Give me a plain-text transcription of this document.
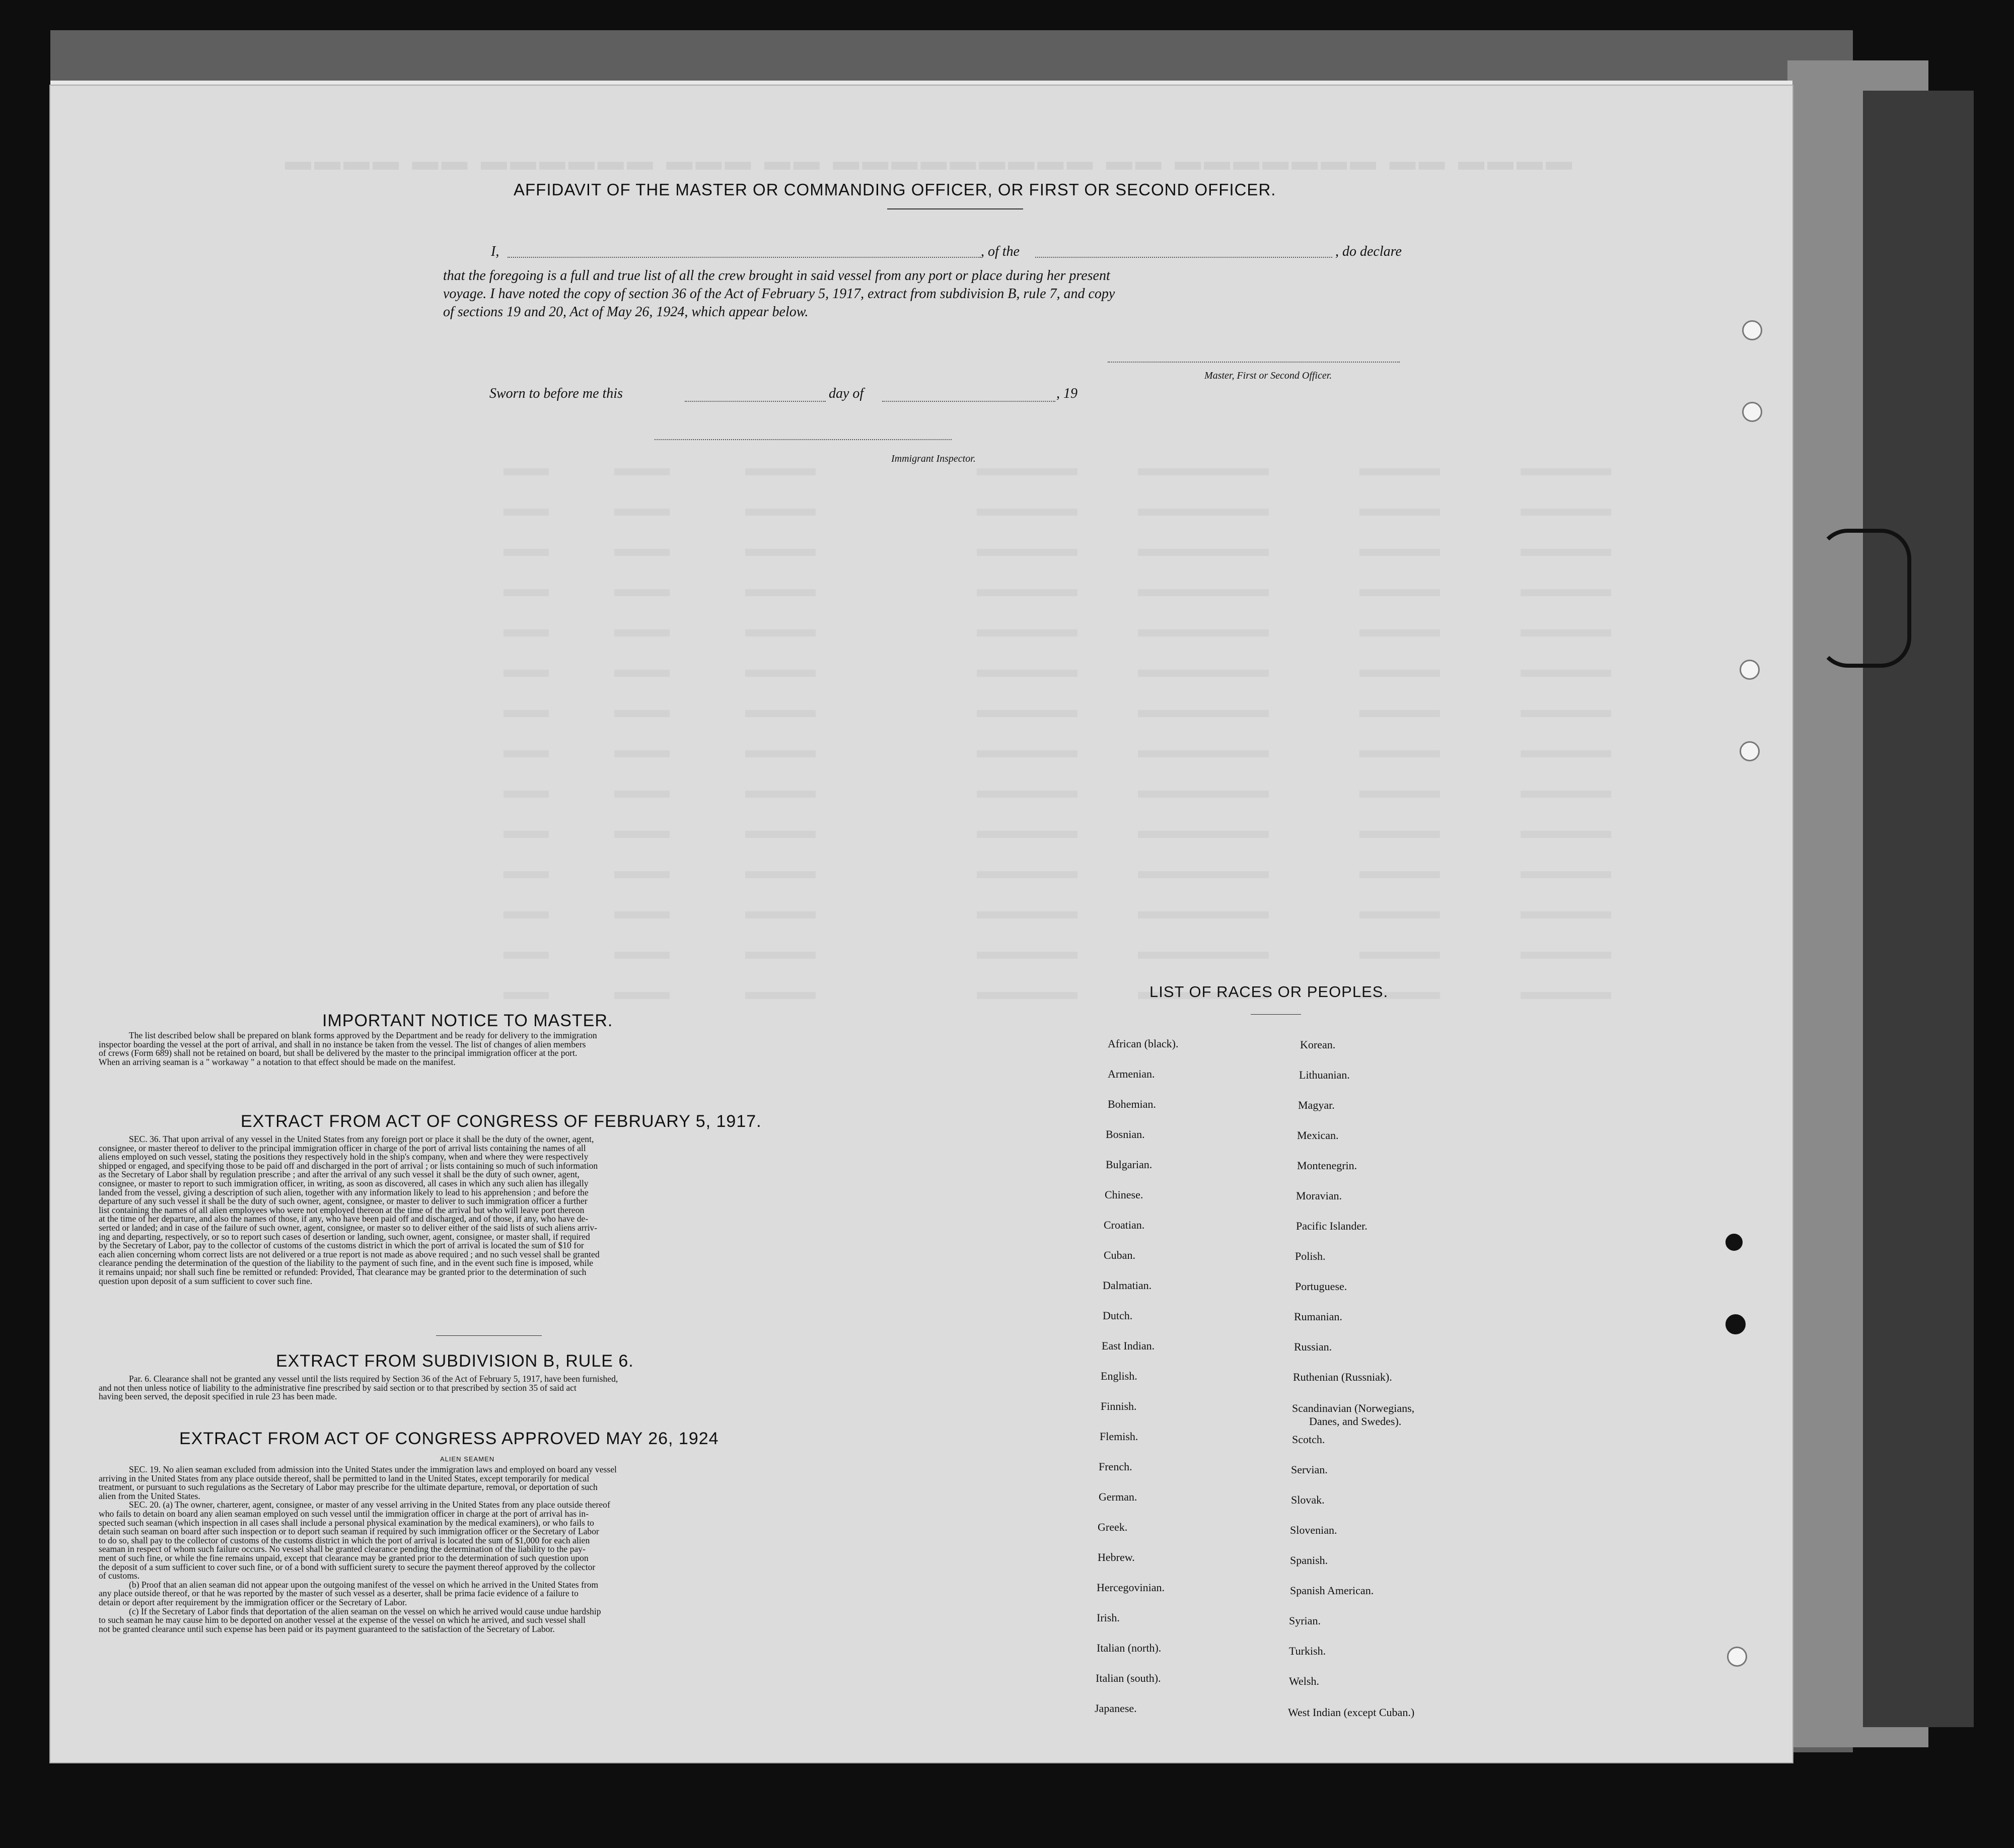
▬▬▬▬ ▬▬ ▬▬▬▬▬▬▬ ▬▬ ▬▬▬▬▬▬▬▬▬ ▬▬ ▬▬▬ ▬▬▬▬▬▬ ▬▬ ▬▬▬▬
AFFIDAVIT OF THE MASTER OR COMMANDING OFFICER, OR FIRST OR SECOND OFFICER.
I,	, of the	, do declare
that the foregoing is a full and true list of all the crew brought in said vessel from any port or place during her present
voyage. I have noted the copy of section 36 of the Act of February 5, 1917, extract from subdivision B, rule 7, and copy
of sections 19 and 20, Act of May 26, 1924, which appear below.
Master, First or Second Officer.
Sworn to before me this	day of	, 19
Immigrant Inspector.
IMPORTANT NOTICE TO MASTER.

The list described below shall be prepared on blank forms approved by the Department and be ready for delivery to the immigration

inspector boarding the vessel at the port of arrival, and shall in no instance be taken from the vessel. The list of changes of alien members

of crews (Form 689) shall not be retained on board, but shall be delivered by the master to the principal immigration officer at the port.

When an arriving seaman is a " workaway " a notation to that effect should be made on the manifest.

EXTRACT FROM ACT OF CONGRESS OF FEBRUARY 5, 1917.

SEC. 36. That upon arrival of any vessel in the United States from any foreign port or place it shall be the duty of the owner, agent,

consignee, or master thereof to deliver to the principal immigration officer in charge of the port of arrival lists containing the names of all

aliens employed on such vessel, stating the positions they respectively hold in the ship's company, when and where they were respectively

shipped or engaged, and specifying those to be paid off and discharged in the port of arrival ; or lists containing so much of such information

as the Secretary of Labor shall by regulation prescribe ; and after the arrival of any such vessel it shall be the duty of such owner, agent,

consignee, or master to report to such immigration officer, in writing, as soon as discovered, all cases in which any such alien has illegally

landed from the vessel, giving a description of such alien, together with any information likely to lead to his apprehension ; and before the

departure of any such vessel it shall be the duty of such owner, agent, consignee, or master to deliver to such immigration officer a further

list containing the names of all alien employees who were not employed thereon at the time of the arrival but who will leave port thereon

at the time of her departure, and also the names of those, if any, who have been paid off and discharged, and of those, if any, who have de-

serted or landed; and in case of the failure of such owner, agent, consignee, or master so to deliver either of the said lists of such aliens arriv-

ing and departing, respectively, or so to report such cases of desertion or landing, such owner, agent, consignee, or master shall, if required

by the Secretary of Labor, pay to the collector of customs of the customs district in which the port of arrival is located the sum of $10 for

each alien concerning whom correct lists are not delivered or a true report is not made as above required ; and no such vessel shall be granted

clearance pending the determination of the question of the liability to the payment of such fine, and in the event such fine is imposed, while

it remains unpaid; nor shall such fine be remitted or refunded: Provided, That clearance may be granted prior to the determination of such

question upon deposit of a sum sufficient to cover such fine.

EXTRACT FROM SUBDIVISION B, RULE 6.

Par. 6. Clearance shall not be granted any vessel until the lists required by Section 36 of the Act of February 5, 1917, have been furnished,

and not then unless notice of liability to the administrative fine prescribed by said section or to that prescribed by section 35 of said act

having been served, the deposit specified in rule 23 has been made.

EXTRACT FROM ACT OF CONGRESS APPROVED MAY 26, 1924
ALIEN SEAMEN

SEC. 19. No alien seaman excluded from admission into the United States under the immigration laws and employed on board any vessel

arriving in the United States from any place outside thereof, shall be permitted to land in the United States, except temporarily for medical

treatment, or pursuant to such regulations as the Secretary of Labor may prescribe for the ultimate departure, removal, or deportation of such

alien from the United States.

SEC. 20. (a) The owner, charterer, agent, consignee, or master of any vessel arriving in the United States from any place outside thereof

who fails to detain on board any alien seaman employed on such vessel until the immigration officer in charge at the port of arrival has in-

spected such seaman (which inspection in all cases shall include a personal physical examination by the medical examiners), or who fails to

detain such seaman on board after such inspection or to deport such seaman if required by such immigration officer or the Secretary of Labor

to do so, shall pay to the collector of customs of the customs district in which the port of arrival is located the sum of $1,000 for each alien

seaman in respect of whom such failure occurs. No vessel shall be granted clearance pending the determination of the liability to the pay-

ment of such fine, or while the fine remains unpaid, except that clearance may be granted prior to the determination of such question upon

the deposit of a sum sufficient to cover such fine, or of a bond with sufficient surety to secure the payment thereof approved by the collector

of customs.

(b) Proof that an alien seaman did not appear upon the outgoing manifest of the vessel on which he arrived in the United States from

any place outside thereof, or that he was reported by the master of such vessel as a deserter, shall be prima facie evidence of a failure to

detain or deport after requirement by the immigration officer or the Secretary of Labor.

(c) If the Secretary of Labor finds that deportation of the alien seaman on the vessel on which he arrived would cause undue hardship

to such seaman he may cause him to be deported on another vessel at the expense of the vessel on which he arrived, and such vessel shall

not be granted clearance until such expense has been paid or its payment guaranteed to the satisfaction of the Secretary of Labor.

LIST OF RACES OR PEOPLES.
African (black).
Armenian.
Bohemian.
Bosnian.
Bulgarian.
Chinese.
Croatian.
Cuban.
Dalmatian.
Dutch.
East Indian.
English.
Finnish.
Flemish.
French.
German.
Greek.
Hebrew.
Hercegovinian.
Irish.
Italian (north).
Italian (south).
Japanese.
Korean.
Lithuanian.
Magyar.
Mexican.
Montenegrin.
Moravian.
Pacific Islander.
Polish.
Portuguese.
Rumanian.
Russian.
Ruthenian (Russniak).
Scandinavian (Norwegians,
Danes, and Swedes).
Scotch.
Servian.
Slovak.
Slovenian.
Spanish.
Spanish American.
Syrian.
Turkish.
Welsh.
West Indian (except Cuban.)
